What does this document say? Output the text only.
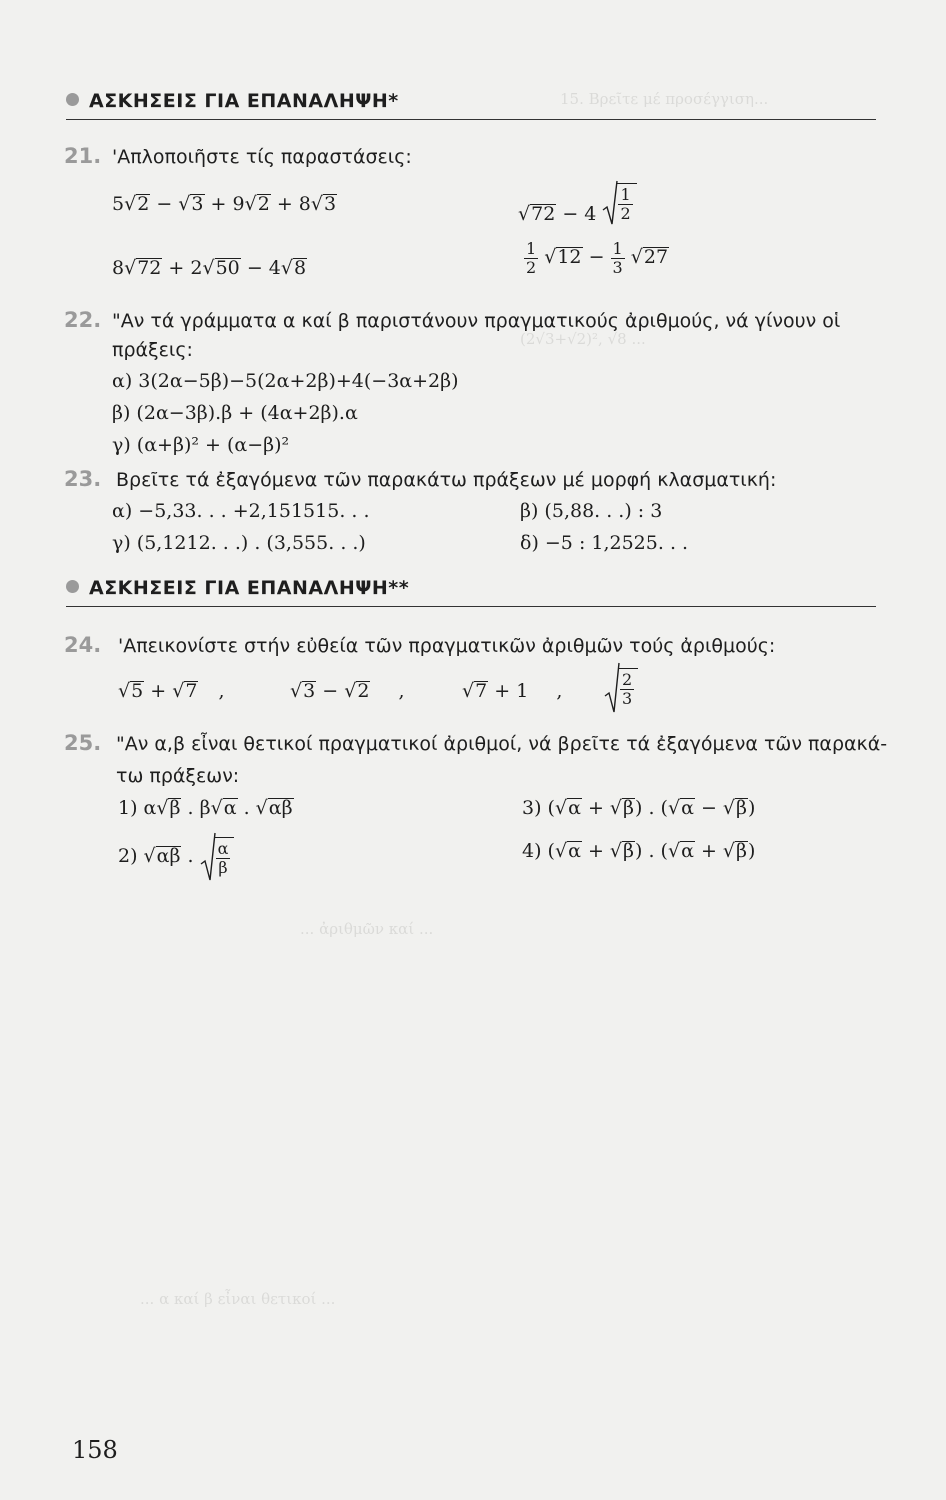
15. Βρεῖτε μέ προσέγγιση...
(2√3+√2)², √8 ...
... ἀριθμῶν καί ...
... α καί β εἶναι θετικοί ...
ΑΣΚΗΣΕΙΣ ΓΙΑ ΕΠΑΝΑΛΗΨΗ*
21. 'Απλοποιῆστε τίς παραστάσεις:
5√2 − √3 + 9√2 + 8√3	$√72 - 4 \frac{1}{2}$
8√72 + 2√50 − 4√8	$\frac{1}{2} √12 - \frac{1}{3} √27$
22. "Αν τά γράμματα α καί β παριστάνουν πραγματικούς ἀριθμούς, νά γίνουν οἱ
πράξεις:
α) 3(2α−5β)−5(2α+2β)+4(−3α+2β)
β) (2α−3β).β + (4α+2β).α
γ) (α+β)² + (α−β)²
23. Βρεῖτε τά ἐξαγόμενα τῶν παρακάτω πράξεων μέ μορφή κλασματική:
α) −5,33. . . +2,151515. . .	β) (5,88. . .) : 3
γ) (5,1212. . .) . (3,555. . .)	δ) −5 : 1,2525. . .
ΑΣΚΗΣΕΙΣ ΓΙΑ ΕΠΑΝΑΛΗΨΗ**
24. 'Απεικονίστε στήν εὐθεία τῶν πραγματικῶν ἀριθμῶν τούς ἀριθμούς:
√5 + √7 ,	√3 − √2 ,	√7 + 1 ,	$\frac{2}{3}$
25. "Αν α,β εἶναι θετικοί πραγματικοί ἀριθμοί, νά βρεῖτε τά ἐξαγόμενα τῶν παρακά-
τω πράξεων:
1) α√β . β√α . √αβ	3) (√α + √β) . (√α − √β)
2) √αβ . $\frac{\alpha}{\beta}$	4) (√α + √β) . (√α + √β)
158
